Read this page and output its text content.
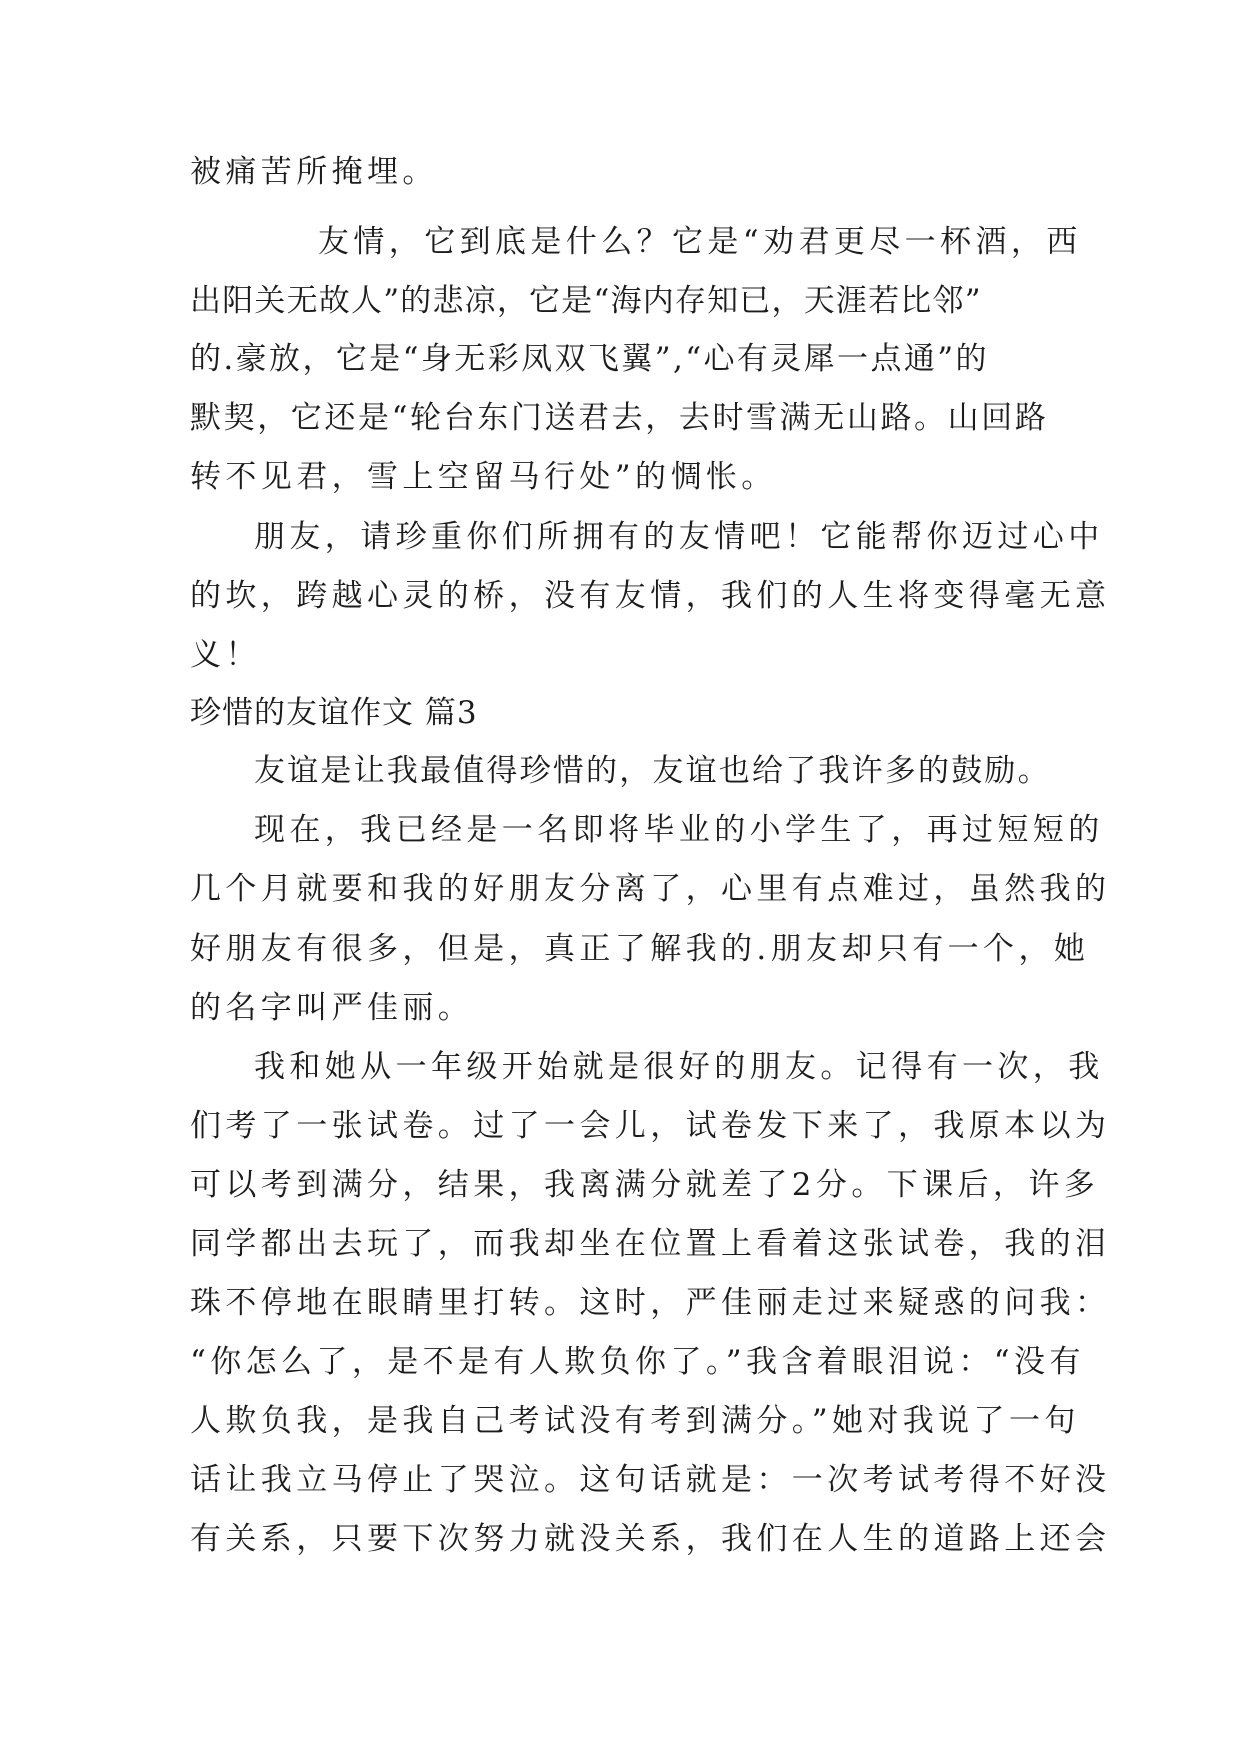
被痛苦所掩埋。
友情，它到底是什么？它是“劝君更尽一杯酒，西
出阳关无故人”的悲凉，它是“海内存知已，天涯若比邻”
的.豪放，它是“身无彩凤双飞翼”,“心有灵犀一点通”的
默契，它还是“轮台东门送君去，去时雪满无山路。山回路
转不见君，雪上空留马行处”的惆怅。
朋友，请珍重你们所拥有的友情吧！它能帮你迈过心中
的坎，跨越心灵的桥，没有友情，我们的人生将变得毫无意
义！
珍惜的友谊作文 篇3
友谊是让我最值得珍惜的，友谊也给了我许多的鼓励。
现在，我已经是一名即将毕业的小学生了，再过短短的
几个月就要和我的好朋友分离了，心里有点难过，虽然我的
好朋友有很多，但是，真正了解我的.朋友却只有一个，她
的名字叫严佳丽。
我和她从一年级开始就是很好的朋友。记得有一次，我
们考了一张试卷。过了一会儿，试卷发下来了，我原本以为
可以考到满分，结果，我离满分就差了2分。下课后，许多
同学都出去玩了，而我却坐在位置上看着这张试卷，我的泪
珠不停地在眼睛里打转。这时，严佳丽走过来疑惑的问我：
“你怎么了，是不是有人欺负你了。”我含着眼泪说：“没有
人欺负我，是我自己考试没有考到满分。”她对我说了一句
话让我立马停止了哭泣。这句话就是：一次考试考得不好没
有关系，只要下次努力就没关系，我们在人生的道路上还会
